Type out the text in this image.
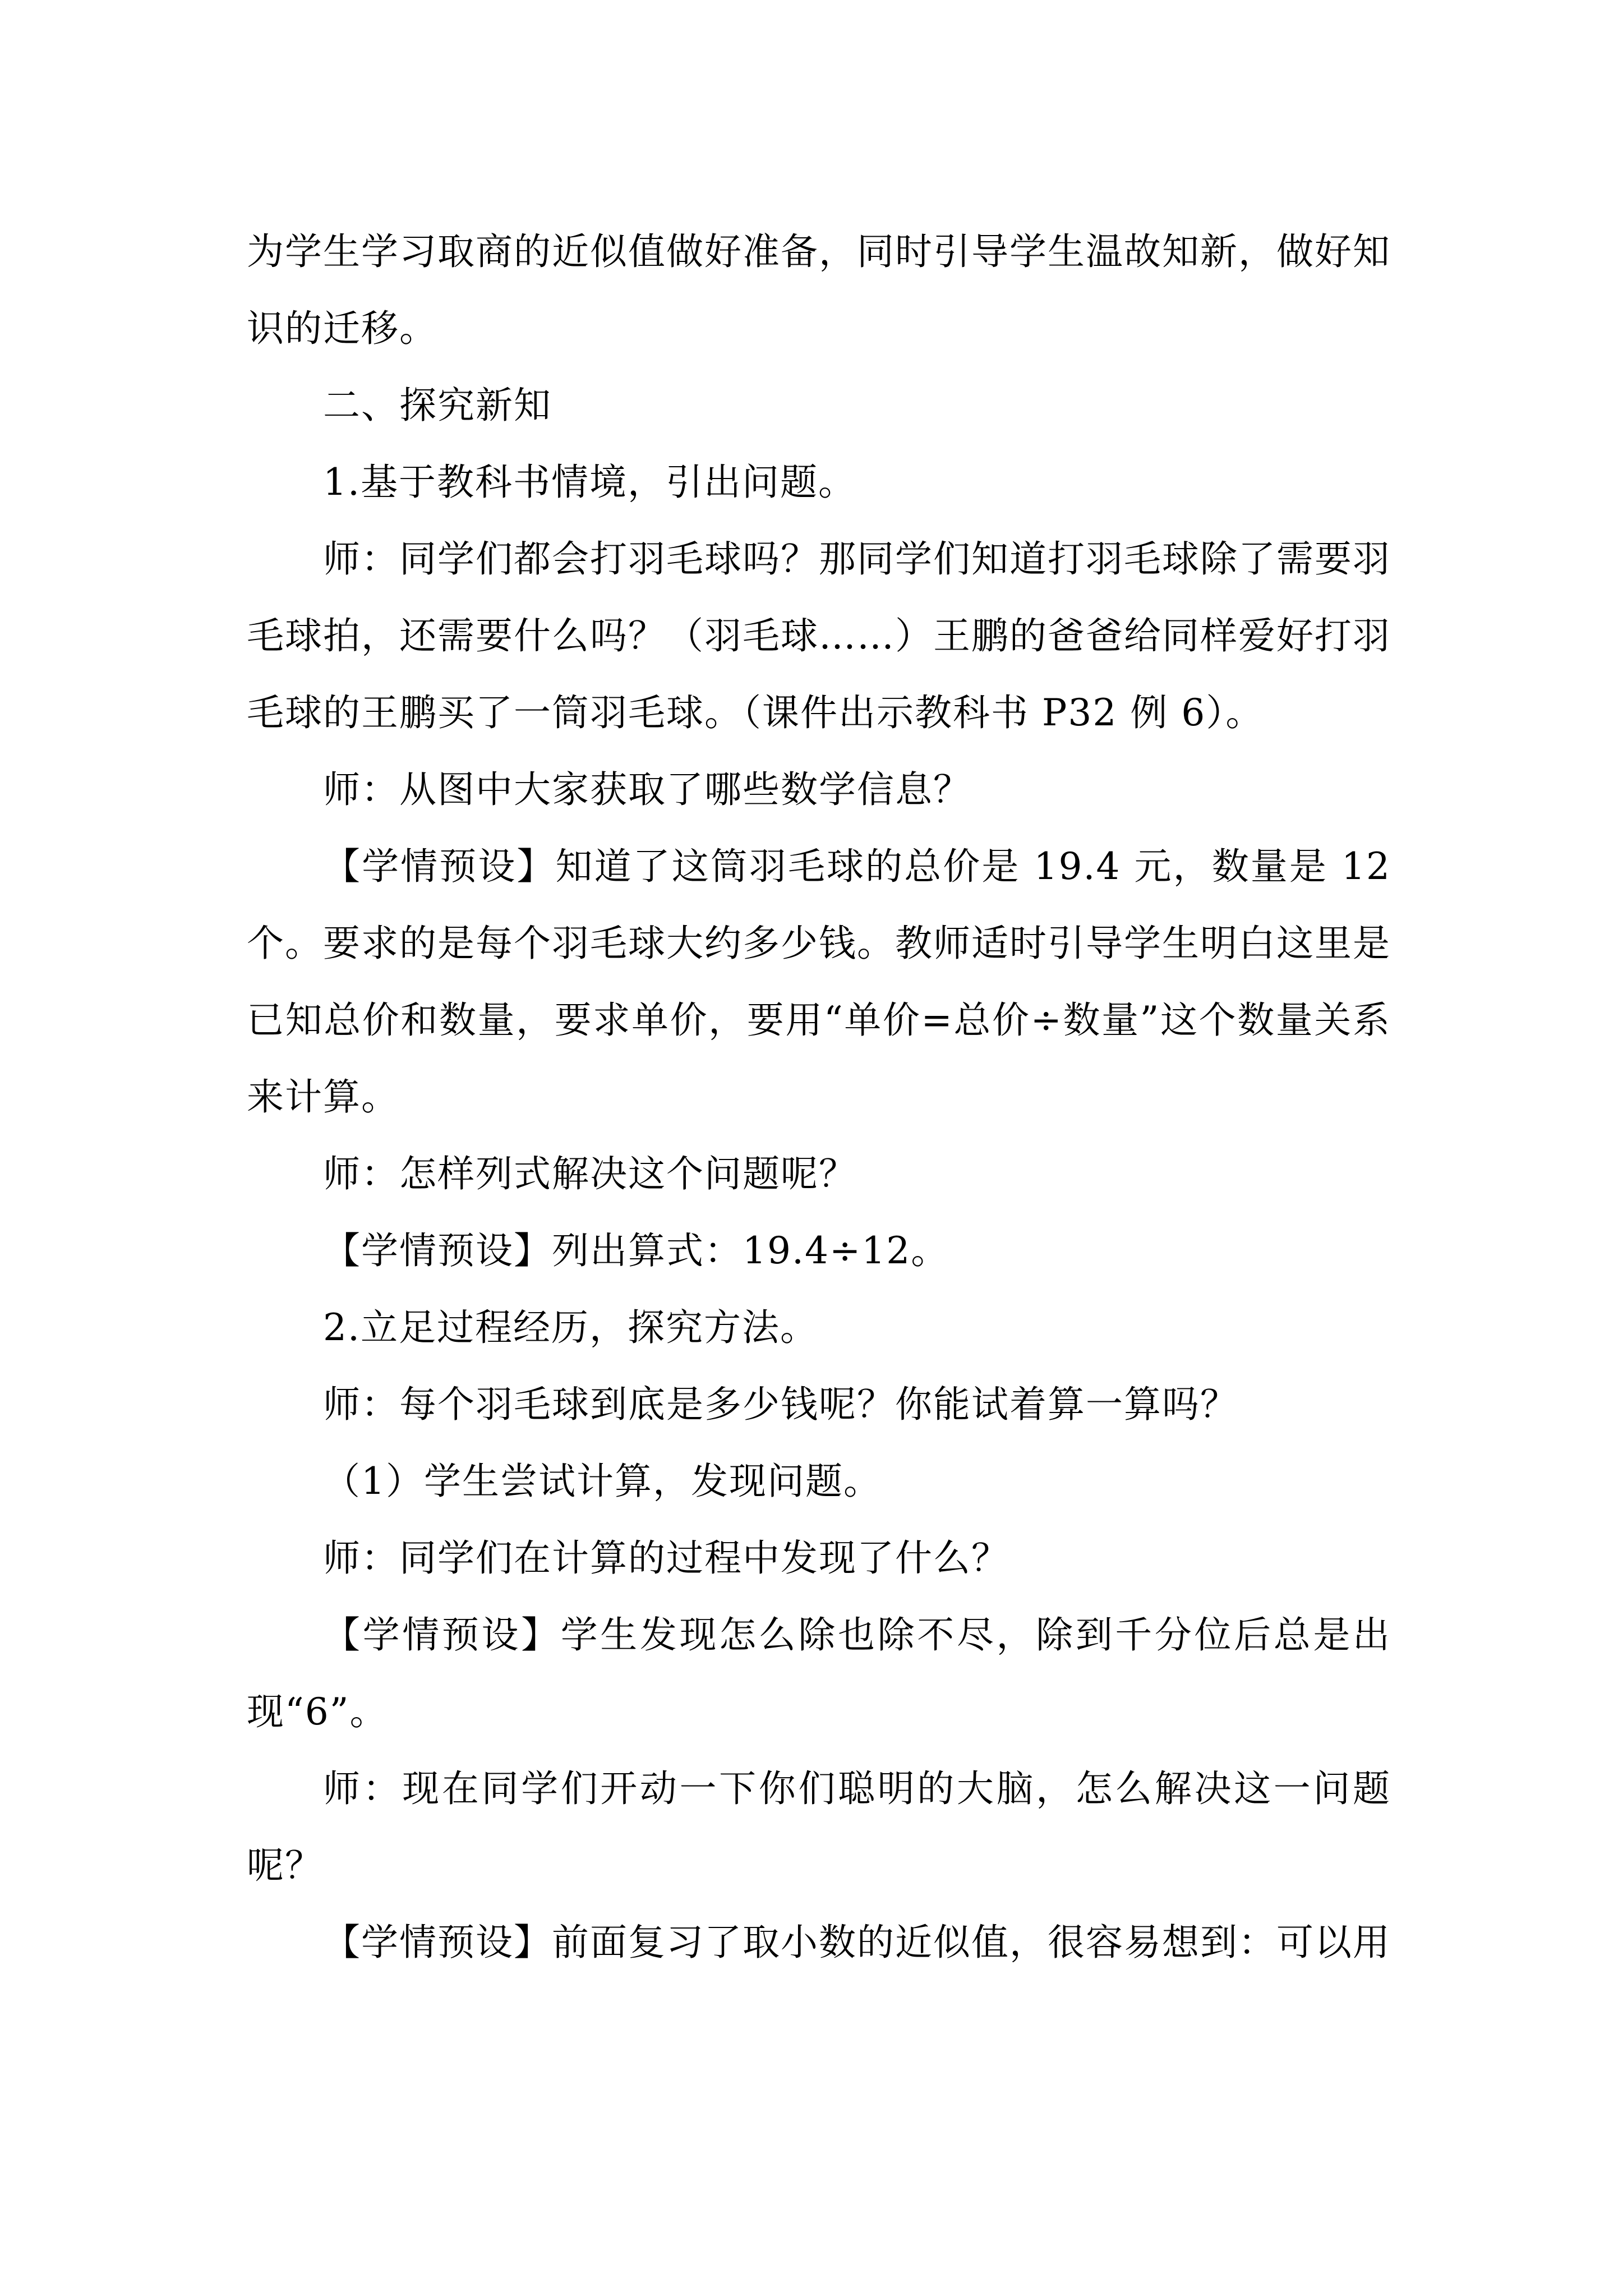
为学生学习取商的近似值做好准备，同时引导学生温故知新，做好知识的迁移。

二、探究新知

1.基于教科书情境，引出问题。

师：同学们都会打羽毛球吗？那同学们知道打羽毛球除了需要羽毛球拍，还需要什么吗？（羽毛球……）王鹏的爸爸给同样爱好打羽毛球的王鹏买了一筒羽毛球。（课件出示教科书 P32 例 6）。

师：从图中大家获取了哪些数学信息？

【学情预设】知道了这筒羽毛球的总价是 19.4 元，数量是 12 个。要求的是每个羽毛球大约多少钱。教师适时引导学生明白这里是已知总价和数量，要求单价，要用“单价=总价÷数量”这个数量关系来计算。

师：怎样列式解决这个问题呢？

【学情预设】列出算式：19.4÷12。

2.立足过程经历，探究方法。

师：每个羽毛球到底是多少钱呢？你能试着算一算吗？

（1）学生尝试计算，发现问题。

师：同学们在计算的过程中发现了什么？

【学情预设】学生发现怎么除也除不尽，除到千分位后总是出现“6”。

师：现在同学们开动一下你们聪明的大脑，怎么解决这一问题呢？

【学情预设】前面复习了取小数的近似值，很容易想到：可以用
